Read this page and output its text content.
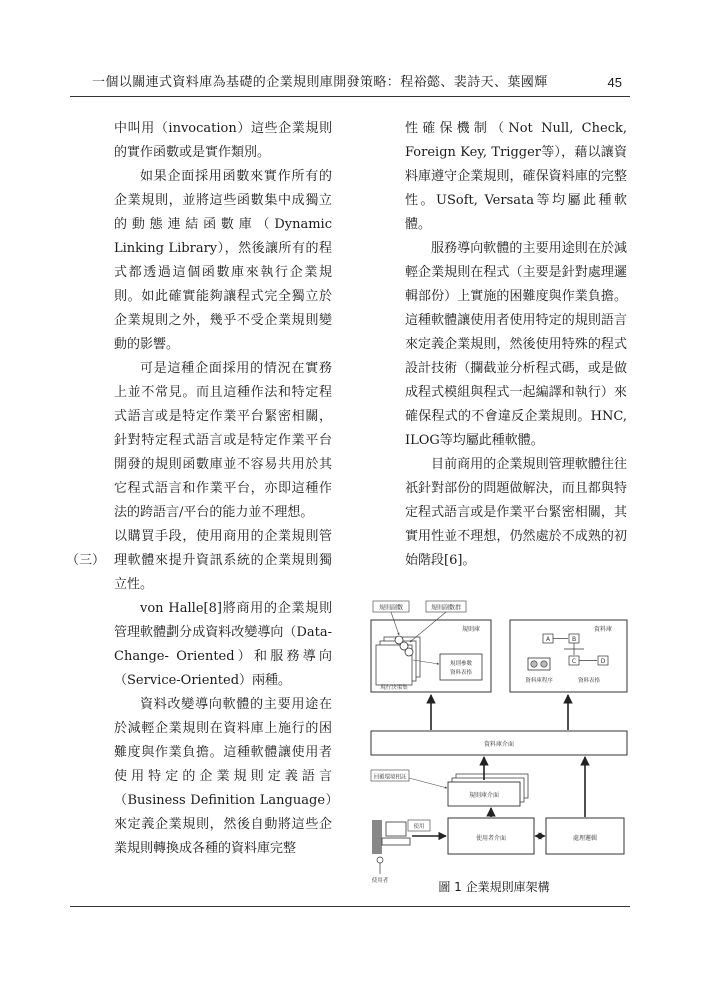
一個以關連式資料庫為基礎的企業規則庫開發策略：程裕懿、裴詩天、葉國輝	45

中叫用（invocation）這些企業規則的實作函數或是實作類別。

如果企面採用函數來實作所有的企業規則，並將這些函數集中成獨立的動態連結函數庫（Dynamic Linking Library），然後讓所有的程式都透過這個函數庫來執行企業規則。如此確實能夠讓程式完全獨立於企業規則之外，幾乎不受企業規則變動的影響。

可是這種企面採用的情況在實務上並不常見。而且這種作法和特定程式語言或是特定作業平台緊密相關，針對特定程式語言或是特定作業平台開發的規則函數庫並不容易共用於其它程式語言和作業平台，亦即這種作法的跨語言/平台的能力並不理想。

以購買手段，使用商用的企業規則管理軟體來提升資訊系統的企業規則獨立性。

von Halle[8]將商用的企業規則管理軟體劃分成資料改變導向（Data-Change- Oriented）和服務導向（Service-Oriented）兩種。

資料改變導向軟體的主要用途在於減輕企業規則在資料庫上施行的困難度與作業負擔。這種軟體讓使用者使用特定的企業規則定義語言（Business Definition Language）來定義企業規則，然後自動將這些企業規則轉換成各種的資料庫完整

（三）

性確保機制（Not Null, Check, Foreign Key, Trigger等），藉以讓資料庫遵守企業規則，確保資料庫的完整性。USoft, Versata等均屬此種軟體。

服務導向軟體的主要用途則在於減輕企業規則在程式（主要是針對處理邏輯部份）上實施的困難度與作業負擔。這種軟體讓使用者使用特定的規則語言來定義企業規則，然後使用特殊的程式設計技術（攔截並分析程式碼，或是做成程式模組與程式一起編譯和執行）來確保程式的不會違反企業規則。HNC, ILOG等均屬此種軟體。

目前商用的企業規則管理軟體往往祇針對部份的問題做解決，而且都與特定程式語言或是作業平台緊密相關，其實用性並不理想，仍然處於不成熟的初始階段[6]。

規則副數	規則副數群
規則庫
現行決策集
規則參數
資料表格
資料庫
A	B
C	D
資料庫程序	資料表格
資料庫介面
回覆環境相託
規則庫介面
使用者介面	處理邏輯
使用者
使用
圖 1 企業規則庫架構
